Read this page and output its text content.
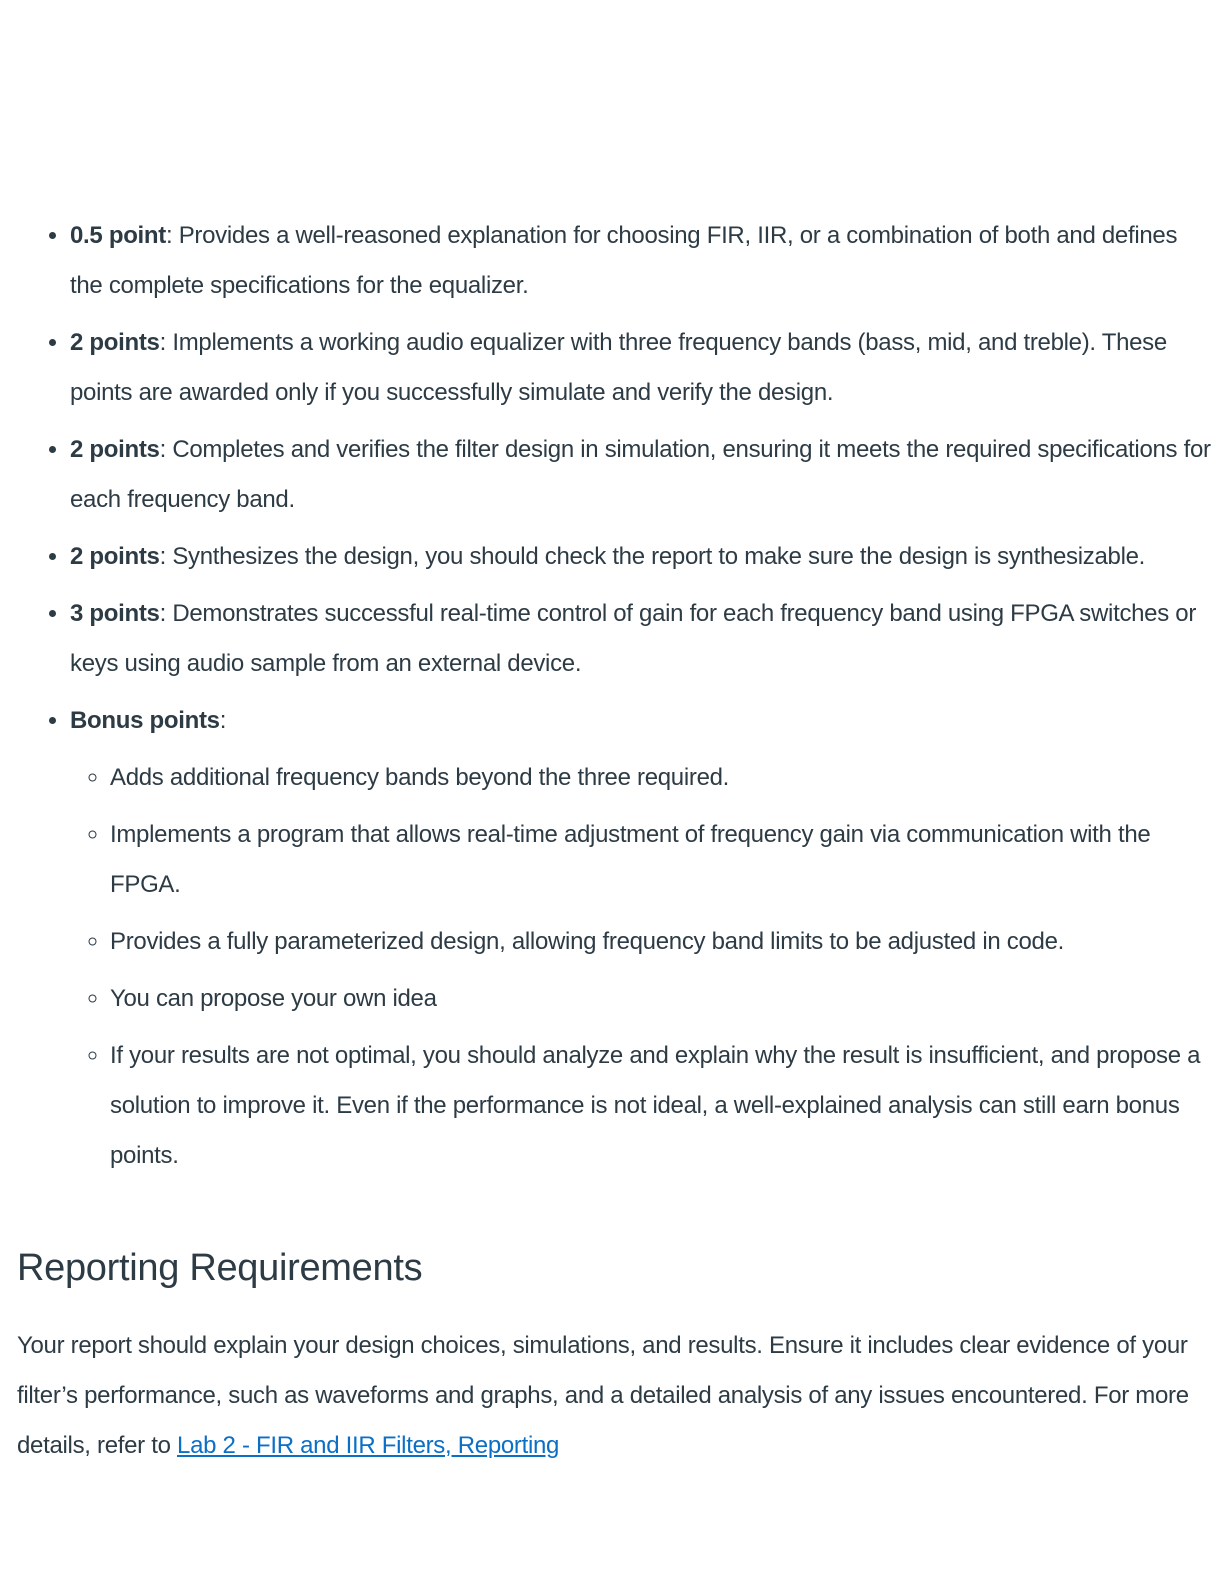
• 0.5 point: Provides a well-reasoned explanation for choosing FIR, IIR, or a combination of both and defines the complete specifications for the equalizer.
• 2 points: Implements a working audio equalizer with three frequency bands (bass, mid, and treble). These points are awarded only if you successfully simulate and verify the design.
• 2 points: Completes and verifies the filter design in simulation, ensuring it meets the required specifications for each frequency band.
• 2 points: Synthesizes the design, you should check the report to make sure the design is synthesizable.
• 3 points: Demonstrates successful real-time control of gain for each frequency band using FPGA switches or keys using audio sample from an external device.
• Bonus points:
◦ Adds additional frequency bands beyond the three required.
◦ Implements a program that allows real-time adjustment of frequency gain via communication with the FPGA.
◦ Provides a fully parameterized design, allowing frequency band limits to be adjusted in code.
◦ You can propose your own idea
◦ If your results are not optimal, you should analyze and explain why the result is insufficient, and propose a solution to improve it. Even if the performance is not ideal, a well-explained analysis can still earn bonus points.
Reporting Requirements

Your report should explain your design choices, simulations, and results. Ensure it includes clear evidence of your filter’s performance, such as waveforms and graphs, and a detailed analysis of any issues encountered. For more details, refer to Lab 2 - FIR and IIR Filters, Reporting
